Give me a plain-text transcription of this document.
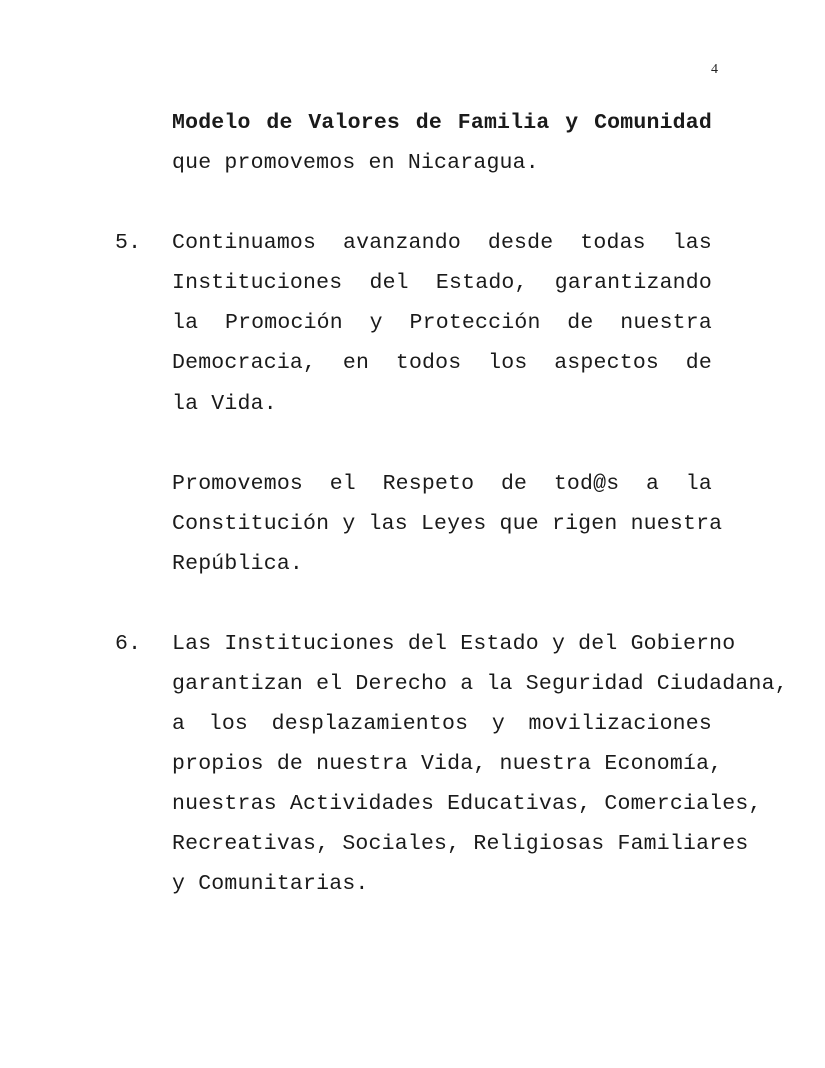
4
Modelo de Valores de Familia y Comunidad
que promovemos en Nicaragua.
5. Continuamos avanzando desde todas las
Instituciones del Estado, garantizando
la Promoción y Protección de nuestra
Democracia, en todos los aspectos de
la Vida.
Promovemos el Respeto de tod@s a la
Constitución y las Leyes que rigen nuestra
República.
6. Las Instituciones del Estado y del Gobierno
garantizan el Derecho a la Seguridad Ciudadana,
a los desplazamientos y movilizaciones
propios de nuestra Vida, nuestra Economía,
nuestras Actividades Educativas, Comerciales,
Recreativas, Sociales, Religiosas Familiares
y Comunitarias.
